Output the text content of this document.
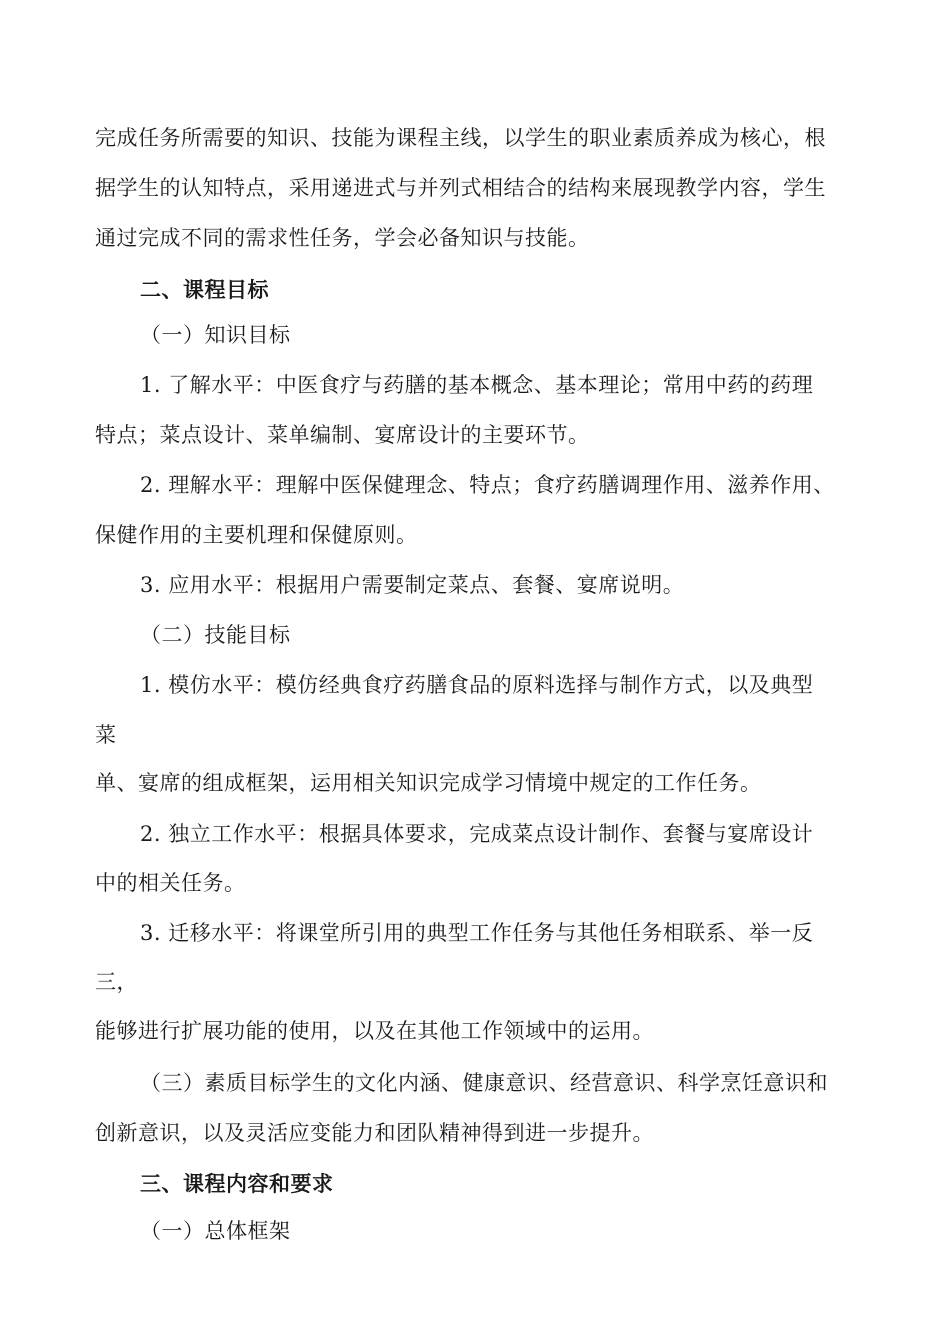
完成任务所需要的知识、技能为课程主线，以学生的职业素质养成为核心，根
据学生的认知特点，采用递进式与并列式相结合的结构来展现教学内容，学生
通过完成不同的需求性任务，学会必备知识与技能。
二、课程目标
（一）知识目标
1. 了解水平：中医食疗与药膳的基本概念、基本理论；常用中药的药理
特点；菜点设计、菜单编制、宴席设计的主要环节。
2. 理解水平：理解中医保健理念、特点；食疗药膳调理作用、滋养作用、
保健作用的主要机理和保健原则。
3. 应用水平：根据用户需要制定菜点、套餐、宴席说明。
（二）技能目标
1. 模仿水平：模仿经典食疗药膳食品的原料选择与制作方式，以及典型
菜
单、宴席的组成框架，运用相关知识完成学习情境中规定的工作任务。
2. 独立工作水平：根据具体要求，完成菜点设计制作、套餐与宴席设计
中的相关任务。
3. 迁移水平：将课堂所引用的典型工作任务与其他任务相联系、举一反
三，
能够进行扩展功能的使用，以及在其他工作领域中的运用。
（三）素质目标学生的文化内涵、健康意识、经营意识、科学烹饪意识和
创新意识，以及灵活应变能力和团队精神得到进一步提升。
三、课程内容和要求
（一）总体框架
